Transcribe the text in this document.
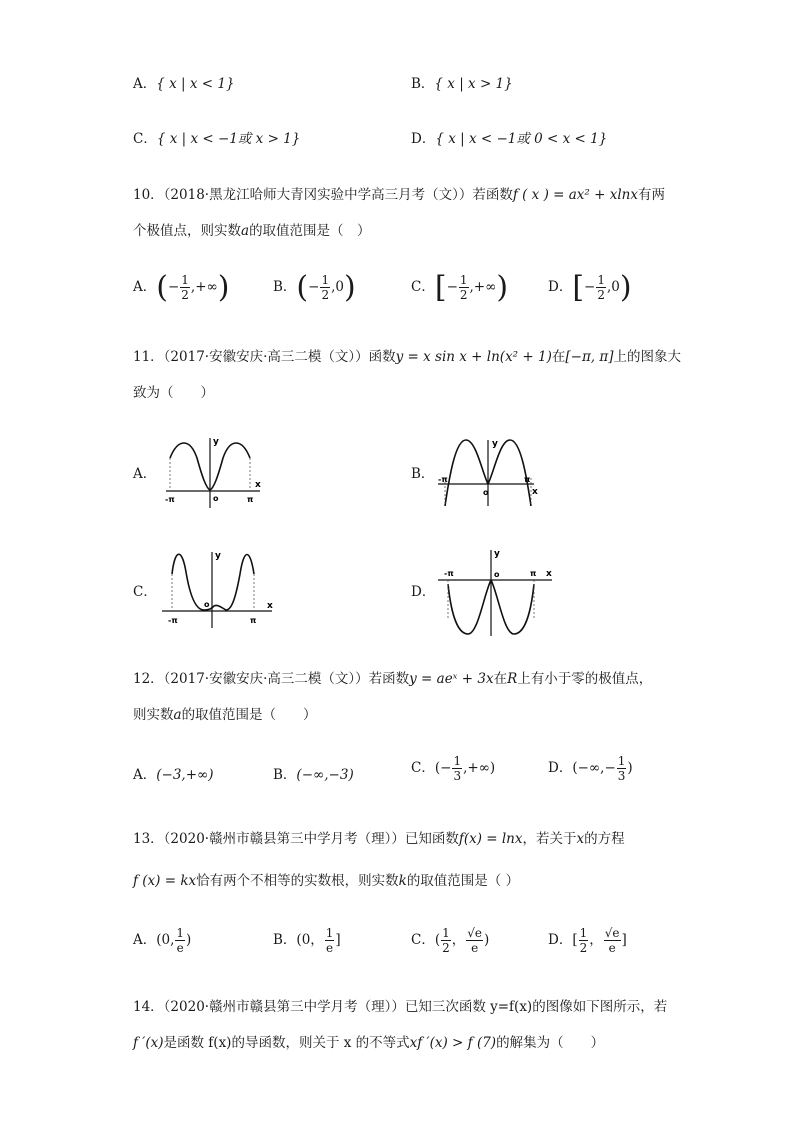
A．{ x | x < 1}	B．{ x | x > 1}
C．{ x | x < −1或 x > 1}	D．{ x | x < −1或 0 < x < 1}
10．（2018·黑龙江哈师大青冈实验中学高三月考（文））若函数f ( x ) = ax² + xlnx有两
个极值点，则实数a的取值范围是（　）
A．(− $\frac{1}{2}$ ,+∞)	B．(− $\frac{1}{2} ,0$)	C．[− $\frac{1}{2}$ ,+∞)	D．[− $\frac{1}{2} ,0$)
11．（2017·安徽安庆·高三二模（文））函数y = x sin x + ln(x² + 1)在[−π, π]上的图象大
致为（　　）
A．
y
x
o
-π	π
B．
y
x
o
-π	π
C．
y
x
o
-π	π
D．
y
x
o
-π	π
12．（2017·安徽安庆·高三二模（文））若函数y = aeˣ + 3x在R上有小于零的极值点，
则实数a的取值范围是（　　）
A．(−3,+∞)	B．(−∞,−3)	C．(− $\frac{1}{3}$ ,+∞)	D．(−∞,− $\frac{1}{3}$ )
13．（2020·赣州市赣县第三中学月考（理））已知函数f(x) = lnx，若关于x的方程
f (x) = kx恰有两个不相等的实数根，则实数k的取值范围是（ ）
A．(0, $\frac{1}{e}$ )	B．(0， $\frac{1}{e}$ ]	C．( $\frac{1}{2}$ ， $\frac{√e}{e}$ )	D．[ $\frac{1}{2}$ ， $\frac{√e}{e}$ ]
14．（2020·赣州市赣县第三中学月考（理））已知三次函数 y=f(x)的图像如下图所示，若
f ′(x)是函数 f(x)的导函数，则关于 x 的不等式xf ′(x) > f (7)的解集为（　　）
